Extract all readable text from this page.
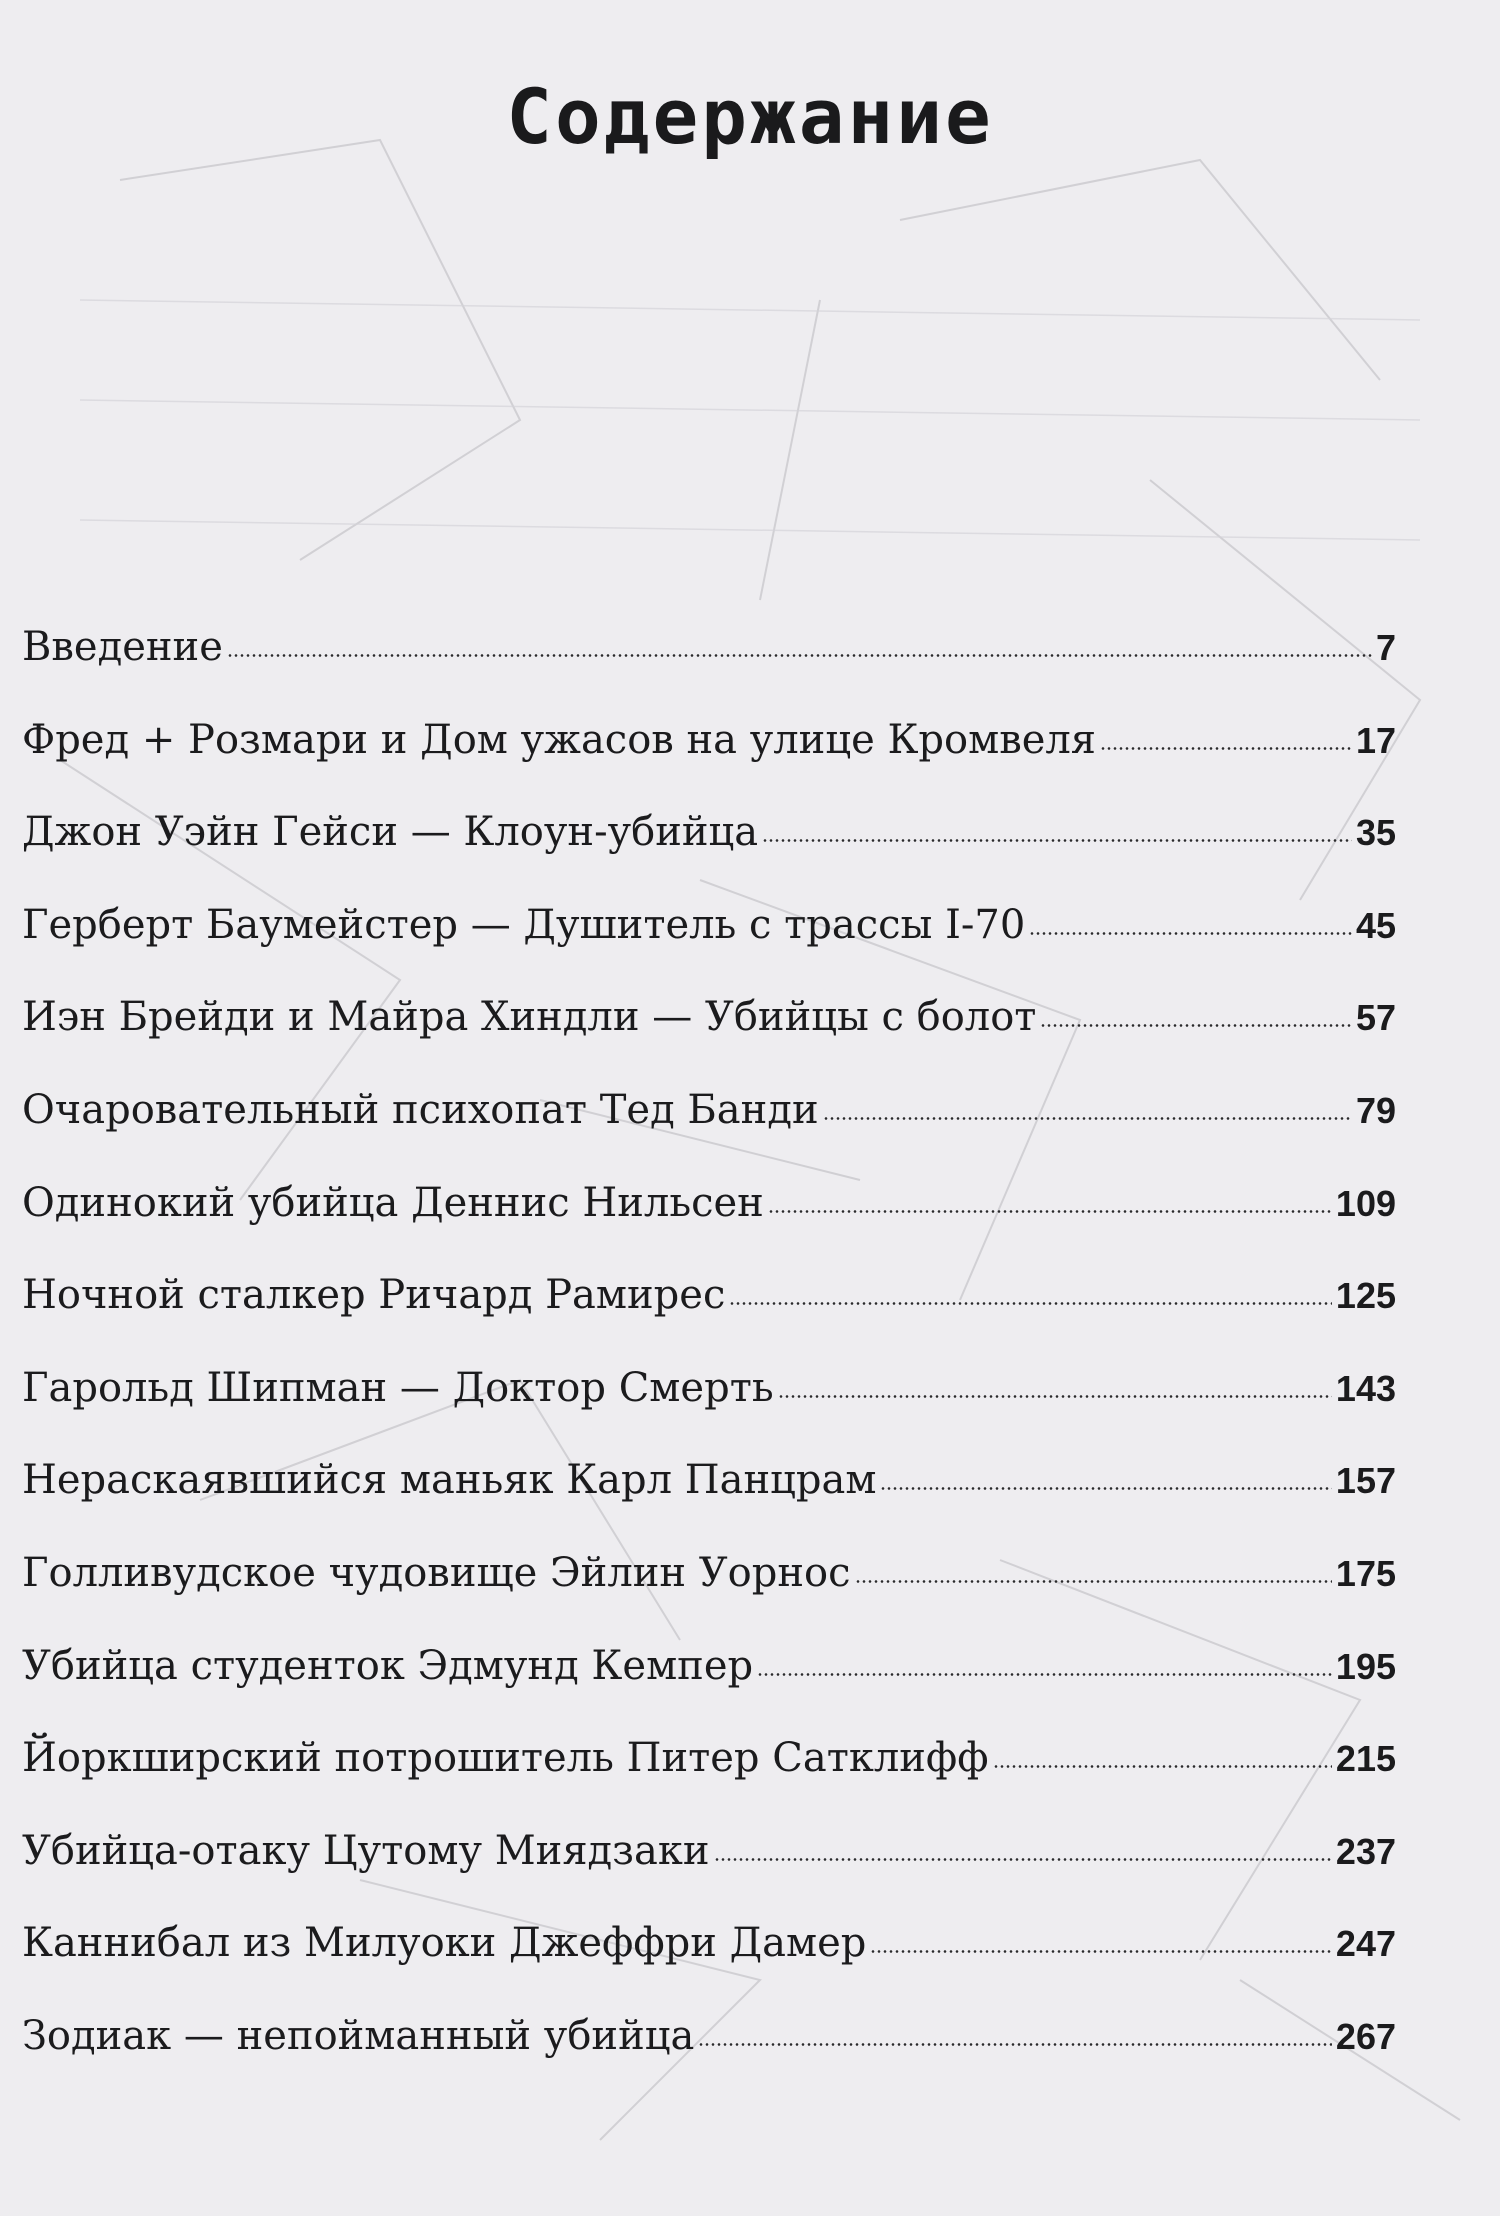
Содержание
Введение	7
Фред + Розмари и Дом ужасов на улице Кромвеля	17
Джон Уэйн Гейси — Клоун-убийца	35
Герберт Баумейстер — Душитель с трассы I-70	45
Иэн Брейди и Майра Хиндли — Убийцы с болот	57
Очаровательный психопат Тед Банди	79
Одинокий убийца Деннис Нильсен	109
Ночной сталкер Ричард Рамирес	125
Гарольд Шипман — Доктор Смерть	143
Нераскаявшийся маньяк Карл Панцрам	157
Голливудское чудовище Эйлин Уорнос	175
Убийца студенток Эдмунд Кемпер	195
Йоркширский потрошитель Питер Сатклифф	215
Убийца-отаку Цутому Миядзаки	237
Каннибал из Милуоки Джеффри Дамер	247
Зодиак — непойманный убийца	267
